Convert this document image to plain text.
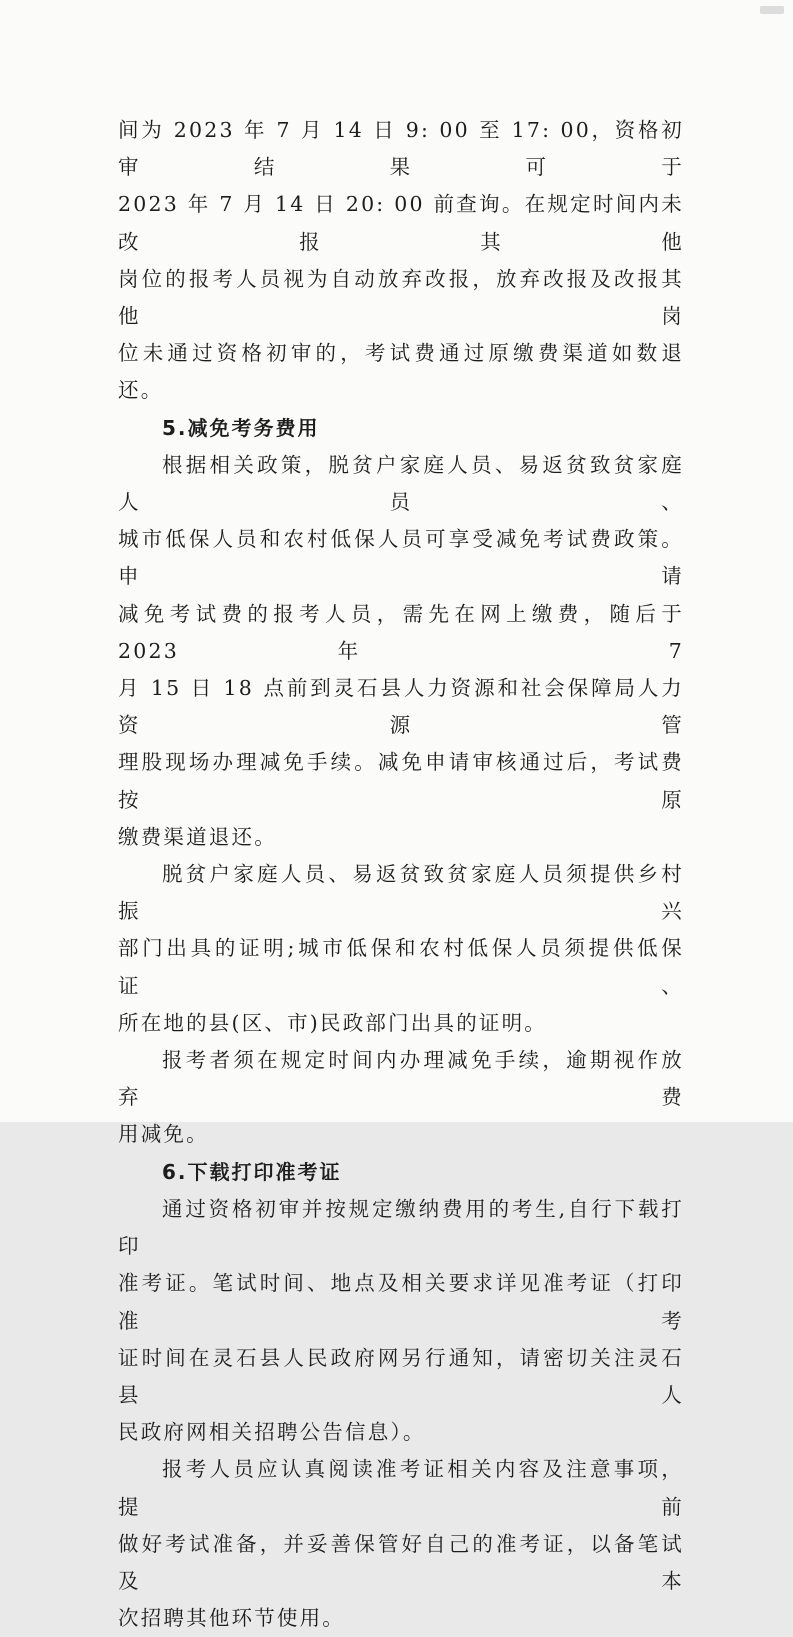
间为 2023 年 7 月 14 日 9: 00 至 17: 00，资格初审结果可于
2023 年 7 月 14 日 20: 00 前查询。在规定时间内未改报其他
岗位的报考人员视为自动放弃改报，放弃改报及改报其他岗
位未通过资格初审的，考试费通过原缴费渠道如数退还。
5.减免考务费用
根据相关政策，脱贫户家庭人员、易返贫致贫家庭人员、
城市低保人员和农村低保人员可享受减免考试费政策。申请
减免考试费的报考人员，需先在网上缴费，随后于 2023 年 7
月 15 日 18 点前到灵石县人力资源和社会保障局人力资源管
理股现场办理减免手续。减免申请审核通过后，考试费按原
缴费渠道退还。
脱贫户家庭人员、易返贫致贫家庭人员须提供乡村振兴
部门出具的证明;城市低保和农村低保人员须提供低保证、
所在地的县(区、市)民政部门出具的证明。
报考者须在规定时间内办理减免手续，逾期视作放弃费
用减免。
6.下载打印准考证
通过资格初审并按规定缴纳费用的考生,自行下载打印
准考证。笔试时间、地点及相关要求详见准考证（打印准考
证时间在灵石县人民政府网另行通知，请密切关注灵石县人
民政府网相关招聘公告信息）。
报考人员应认真阅读准考证相关内容及注意事项，提前
做好考试准备，并妥善保管好自己的准考证，以备笔试及本
次招聘其他环节使用。
